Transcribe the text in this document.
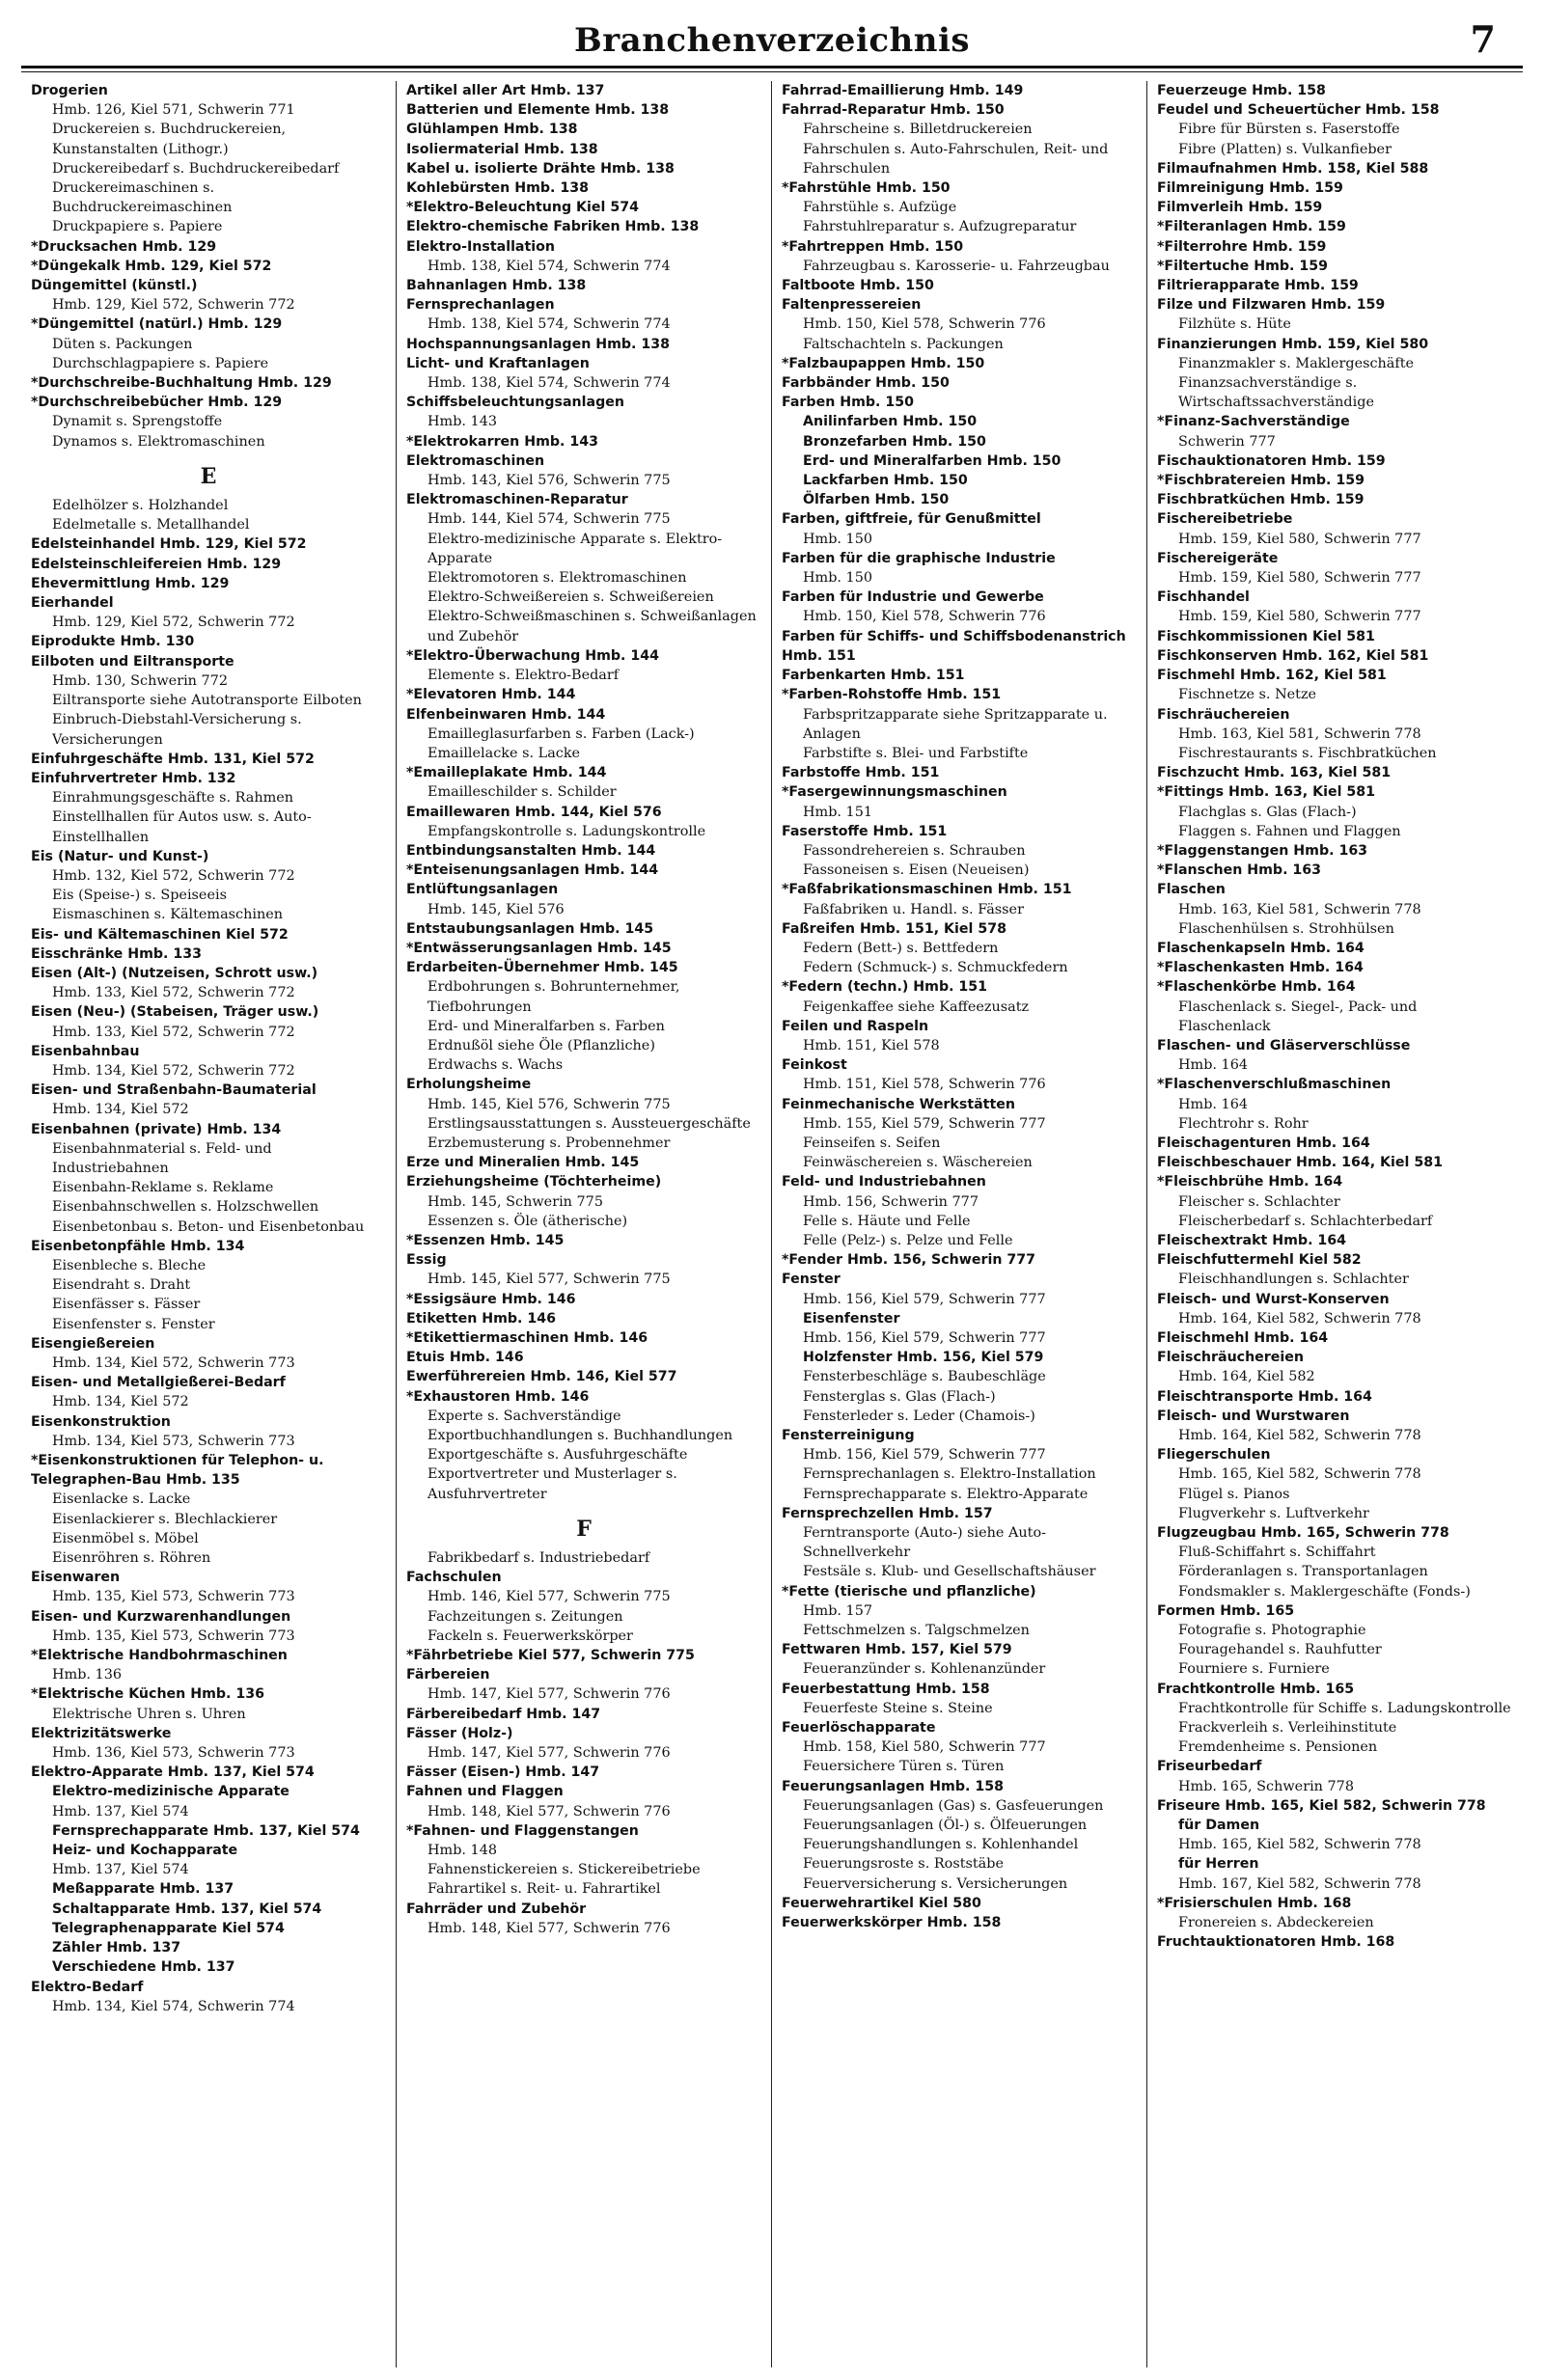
Branchenverzeichnis	7
Drogerien
Hmb. 126, Kiel 571, Schwerin 771
Druckereien s. Buchdruckereien, Kunstanstalten (Lithogr.)
Druckereibedarf s. Buchdruckereibedarf
Druckereimaschinen s. Buchdruckereimaschinen
Druckpapiere s. Papiere
*Drucksachen Hmb. 129
*Düngekalk Hmb. 129, Kiel 572
Düngemittel (künstl.)
Hmb. 129, Kiel 572, Schwerin 772
*Düngemittel (natürl.) Hmb. 129
Düten s. Packungen
Durchschlagpapiere s. Papiere
*Durchschreibe-Buchhaltung Hmb. 129
*Durchschreibebücher Hmb. 129
Dynamit s. Sprengstoffe
Dynamos s. Elektromaschinen
E
Edelhölzer s. Holzhandel
Edelmetalle s. Metallhandel
Edelsteinhandel Hmb. 129, Kiel 572
Edelsteinschleifereien Hmb. 129
Ehevermittlung Hmb. 129
Eierhandel
Hmb. 129, Kiel 572, Schwerin 772
Eiprodukte Hmb. 130
Eilboten und Eiltransporte
Hmb. 130, Schwerin 772
Eiltransporte siehe Autotransporte Eilboten
Einbruch-Diebstahl-Versicherung s. Versicherungen
Einfuhrgeschäfte Hmb. 131, Kiel 572
Einfuhrvertreter Hmb. 132
Einrahmungsgeschäfte s. Rahmen
Einstellhallen für Autos usw. s. Auto-Einstellhallen
Eis (Natur- und Kunst-)
Hmb. 132, Kiel 572, Schwerin 772
Eis (Speise-) s. Speiseeis
Eismaschinen s. Kältemaschinen
Eis- und Kältemaschinen Kiel 572
Eisschränke Hmb. 133
Eisen (Alt-) (Nutzeisen, Schrott usw.)
Hmb. 133, Kiel 572, Schwerin 772
Eisen (Neu-) (Stabeisen, Träger usw.)
Hmb. 133, Kiel 572, Schwerin 772
Eisenbahnbau
Hmb. 134, Kiel 572, Schwerin 772
Eisen- und Straßenbahn-Baumaterial
Hmb. 134, Kiel 572
Eisenbahnen (private) Hmb. 134
Eisenbahnmaterial s. Feld- und Industriebahnen
Eisenbahn-Reklame s. Reklame
Eisenbahnschwellen s. Holzschwellen
Eisenbetonbau s. Beton- und Eisenbetonbau
Eisenbetonpfähle Hmb. 134
Eisenbleche s. Bleche
Eisendraht s. Draht
Eisenfässer s. Fässer
Eisenfenster s. Fenster
Eisengießereien
Hmb. 134, Kiel 572, Schwerin 773
Eisen- und Metallgießerei-Bedarf
Hmb. 134, Kiel 572
Eisenkonstruktion
Hmb. 134, Kiel 573, Schwerin 773
*Eisenkonstruktionen für Telephon- u. Telegraphen-Bau Hmb. 135
Eisenlacke s. Lacke
Eisenlackierer s. Blechlackierer
Eisenmöbel s. Möbel
Eisenröhren s. Röhren
Eisenwaren
Hmb. 135, Kiel 573, Schwerin 773
Eisen- und Kurzwarenhandlungen
Hmb. 135, Kiel 573, Schwerin 773
*Elektrische Handbohrmaschinen
Hmb. 136
*Elektrische Küchen Hmb. 136
Elektrische Uhren s. Uhren
Elektrizitätswerke
Hmb. 136, Kiel 573, Schwerin 773
Elektro-Apparate Hmb. 137, Kiel 574
Elektro-medizinische Apparate
Hmb. 137, Kiel 574
Fernsprechapparate Hmb. 137, Kiel 574
Heiz- und Kochapparate
Hmb. 137, Kiel 574
Meßapparate Hmb. 137
Schaltapparate Hmb. 137, Kiel 574
Telegraphenapparate Kiel 574
Zähler Hmb. 137
Verschiedene Hmb. 137
Elektro-Bedarf
Hmb. 134, Kiel 574, Schwerin 774
Artikel aller Art Hmb. 137
Batterien und Elemente Hmb. 138
Glühlampen Hmb. 138
Isoliermaterial Hmb. 138
Kabel u. isolierte Drähte Hmb. 138
Kohlebürsten Hmb. 138
*Elektro-Beleuchtung Kiel 574
Elektro-chemische Fabriken Hmb. 138
Elektro-Installation
Hmb. 138, Kiel 574, Schwerin 774
Bahnanlagen Hmb. 138
Fernsprechanlagen
Hmb. 138, Kiel 574, Schwerin 774
Hochspannungsanlagen Hmb. 138
Licht- und Kraftanlagen
Hmb. 138, Kiel 574, Schwerin 774
Schiffsbeleuchtungsanlagen
Hmb. 143
*Elektrokarren Hmb. 143
Elektromaschinen
Hmb. 143, Kiel 576, Schwerin 775
Elektromaschinen-Reparatur
Hmb. 144, Kiel 574, Schwerin 775
Elektro-medizinische Apparate s. Elektro-Apparate
Elektromotoren s. Elektromaschinen
Elektro-Schweißereien s. Schweißereien
Elektro-Schweißmaschinen s. Schweißanlagen und Zubehör
*Elektro-Überwachung Hmb. 144
Elemente s. Elektro-Bedarf
*Elevatoren Hmb. 144
Elfenbeinwaren Hmb. 144
Emailleglasurfarben s. Farben (Lack-)
Emaillelacke s. Lacke
*Emailleplakate Hmb. 144
Emailleschilder s. Schilder
Emaillewaren Hmb. 144, Kiel 576
Empfangskontrolle s. Ladungskontrolle
Entbindungsanstalten Hmb. 144
*Enteisenungsanlagen Hmb. 144
Entlüftungsanlagen
Hmb. 145, Kiel 576
Entstaubungsanlagen Hmb. 145
*Entwässerungsanlagen Hmb. 145
Erdarbeiten-Übernehmer Hmb. 145
Erdbohrungen s. Bohrunternehmer, Tiefbohrungen
Erd- und Mineralfarben s. Farben
Erdnußöl siehe Öle (Pflanzliche)
Erdwachs s. Wachs
Erholungsheime
Hmb. 145, Kiel 576, Schwerin 775
Erstlingsausstattungen s. Aussteuergeschäfte
Erzbemusterung s. Probennehmer
Erze und Mineralien Hmb. 145
Erziehungsheime (Töchterheime)
Hmb. 145, Schwerin 775
Essenzen s. Öle (ätherische)
*Essenzen Hmb. 145
Essig
Hmb. 145, Kiel 577, Schwerin 775
*Essigsäure Hmb. 146
Etiketten Hmb. 146
*Etikettiermaschinen Hmb. 146
Etuis Hmb. 146
Ewerführereien Hmb. 146, Kiel 577
*Exhaustoren Hmb. 146
Experte s. Sachverständige
Exportbuchhandlungen s. Buchhandlungen
Exportgeschäfte s. Ausfuhrgeschäfte
Exportvertreter und Musterlager s. Ausfuhrvertreter
F
Fabrikbedarf s. Industriebedarf
Fachschulen
Hmb. 146, Kiel 577, Schwerin 775
Fachzeitungen s. Zeitungen
Fackeln s. Feuerwerkskörper
*Fährbetriebe Kiel 577, Schwerin 775
Färbereien
Hmb. 147, Kiel 577, Schwerin 776
Färbereibedarf Hmb. 147
Fässer (Holz-)
Hmb. 147, Kiel 577, Schwerin 776
Fässer (Eisen-) Hmb. 147
Fahnen und Flaggen
Hmb. 148, Kiel 577, Schwerin 776
*Fahnen- und Flaggenstangen
Hmb. 148
Fahnenstickereien s. Stickereibetriebe
Fahrartikel s. Reit- u. Fahrartikel
Fahrräder und Zubehör
Hmb. 148, Kiel 577, Schwerin 776
Fahrrad-Emaillierung Hmb. 149
Fahrrad-Reparatur Hmb. 150
Fahrscheine s. Billetdruckereien
Fahrschulen s. Auto-Fahrschulen, Reit- und Fahrschulen
*Fahrstühle Hmb. 150
Fahrstühle s. Aufzüge
Fahrstuhlreparatur s. Aufzugreparatur
*Fahrtreppen Hmb. 150
Fahrzeugbau s. Karosserie- u. Fahrzeugbau
Faltboote Hmb. 150
Faltenpressereien
Hmb. 150, Kiel 578, Schwerin 776
Faltschachteln s. Packungen
*Falzbaupappen Hmb. 150
Farbbänder Hmb. 150
Farben Hmb. 150
Anilinfarben Hmb. 150
Bronzefarben Hmb. 150
Erd- und Mineralfarben Hmb. 150
Lackfarben Hmb. 150
Ölfarben Hmb. 150
Farben, giftfreie, für Genußmittel
Hmb. 150
Farben für die graphische Industrie
Hmb. 150
Farben für Industrie und Gewerbe
Hmb. 150, Kiel 578, Schwerin 776
Farben für Schiffs- und Schiffsbodenanstrich Hmb. 151
Farbenkarten Hmb. 151
*Farben-Rohstoffe Hmb. 151
Farbspritzapparate siehe Spritzapparate u. Anlagen
Farbstifte s. Blei- und Farbstifte
Farbstoffe Hmb. 151
*Fasergewinnungsmaschinen
Hmb. 151
Faserstoffe Hmb. 151
Fassondrehereien s. Schrauben
Fassoneisen s. Eisen (Neueisen)
*Faßfabrikationsmaschinen Hmb. 151
Faßfabriken u. Handl. s. Fässer
Faßreifen Hmb. 151, Kiel 578
Federn (Bett-) s. Bettfedern
Federn (Schmuck-) s. Schmuckfedern
*Federn (techn.) Hmb. 151
Feigenkaffee siehe Kaffeezusatz
Feilen und Raspeln
Hmb. 151, Kiel 578
Feinkost
Hmb. 151, Kiel 578, Schwerin 776
Feinmechanische Werkstätten
Hmb. 155, Kiel 579, Schwerin 777
Feinseifen s. Seifen
Feinwäschereien s. Wäschereien
Feld- und Industriebahnen
Hmb. 156, Schwerin 777
Felle s. Häute und Felle
Felle (Pelz-) s. Pelze und Felle
*Fender Hmb. 156, Schwerin 777
Fenster
Hmb. 156, Kiel 579, Schwerin 777
Eisenfenster
Hmb. 156, Kiel 579, Schwerin 777
Holzfenster Hmb. 156, Kiel 579
Fensterbeschläge s. Baubeschläge
Fensterglas s. Glas (Flach-)
Fensterleder s. Leder (Chamois-)
Fensterreinigung
Hmb. 156, Kiel 579, Schwerin 777
Fernsprechanlagen s. Elektro-Installation
Fernsprechapparate s. Elektro-Apparate
Fernsprechzellen Hmb. 157
Ferntransporte (Auto-) siehe Auto-Schnellverkehr
Festsäle s. Klub- und Gesellschaftshäuser
*Fette (tierische und pflanzliche)
Hmb. 157
Fettschmelzen s. Talgschmelzen
Fettwaren Hmb. 157, Kiel 579
Feueranzünder s. Kohlenanzünder
Feuerbestattung Hmb. 158
Feuerfeste Steine s. Steine
Feuerlöschapparate
Hmb. 158, Kiel 580, Schwerin 777
Feuersichere Türen s. Türen
Feuerungsanlagen Hmb. 158
Feuerungsanlagen (Gas) s. Gasfeuerungen
Feuerungsanlagen (Öl-) s. Ölfeuerungen
Feuerungshandlungen s. Kohlenhandel
Feuerungsroste s. Roststäbe
Feuerversicherung s. Versicherungen
Feuerwehrartikel Kiel 580
Feuerwerkskörper Hmb. 158
Feuerzeuge Hmb. 158
Feudel und Scheuertücher Hmb. 158
Fibre für Bürsten s. Faserstoffe
Fibre (Platten) s. Vulkanfieber
Filmaufnahmen Hmb. 158, Kiel 588
Filmreinigung Hmb. 159
Filmverleih Hmb. 159
*Filteranlagen Hmb. 159
*Filterrohre Hmb. 159
*Filtertuche Hmb. 159
Filtrierapparate Hmb. 159
Filze und Filzwaren Hmb. 159
Filzhüte s. Hüte
Finanzierungen Hmb. 159, Kiel 580
Finanzmakler s. Maklergeschäfte
Finanzsachverständige s. Wirtschaftssachverständige
*Finanz-Sachverständige
Schwerin 777
Fischauktionatoren Hmb. 159
*Fischbratereien Hmb. 159
Fischbratküchen Hmb. 159
Fischereibetriebe
Hmb. 159, Kiel 580, Schwerin 777
Fischereigeräte
Hmb. 159, Kiel 580, Schwerin 777
Fischhandel
Hmb. 159, Kiel 580, Schwerin 777
Fischkommissionen Kiel 581
Fischkonserven Hmb. 162, Kiel 581
Fischmehl Hmb. 162, Kiel 581
Fischnetze s. Netze
Fischräuchereien
Hmb. 163, Kiel 581, Schwerin 778
Fischrestaurants s. Fischbratküchen
Fischzucht Hmb. 163, Kiel 581
*Fittings Hmb. 163, Kiel 581
Flachglas s. Glas (Flach-)
Flaggen s. Fahnen und Flaggen
*Flaggenstangen Hmb. 163
*Flanschen Hmb. 163
Flaschen
Hmb. 163, Kiel 581, Schwerin 778
Flaschenhülsen s. Strohhülsen
Flaschenkapseln Hmb. 164
*Flaschenkasten Hmb. 164
*Flaschenkörbe Hmb. 164
Flaschenlack s. Siegel-, Pack- und Flaschenlack
Flaschen- und Gläserverschlüsse
Hmb. 164
*Flaschenverschlußmaschinen
Hmb. 164
Flechtrohr s. Rohr
Fleischagenturen Hmb. 164
Fleischbeschauer Hmb. 164, Kiel 581
*Fleischbrühe Hmb. 164
Fleischer s. Schlachter
Fleischerbedarf s. Schlachterbedarf
Fleischextrakt Hmb. 164
Fleischfuttermehl Kiel 582
Fleischhandlungen s. Schlachter
Fleisch- und Wurst-Konserven
Hmb. 164, Kiel 582, Schwerin 778
Fleischmehl Hmb. 164
Fleischräuchereien
Hmb. 164, Kiel 582
Fleischtransporte Hmb. 164
Fleisch- und Wurstwaren
Hmb. 164, Kiel 582, Schwerin 778
Fliegerschulen
Hmb. 165, Kiel 582, Schwerin 778
Flügel s. Pianos
Flugverkehr s. Luftverkehr
Flugzeugbau Hmb. 165, Schwerin 778
Fluß-Schiffahrt s. Schiffahrt
Förderanlagen s. Transportanlagen
Fondsmakler s. Maklergeschäfte (Fonds-)
Formen Hmb. 165
Fotografie s. Photographie
Fouragehandel s. Rauhfutter
Fourniere s. Furniere
Frachtkontrolle Hmb. 165
Frachtkontrolle für Schiffe s. Ladungskontrolle
Frackverleih s. Verleihinstitute
Fremdenheime s. Pensionen
Friseurbedarf
Hmb. 165, Schwerin 778
Friseure Hmb. 165, Kiel 582, Schwerin 778
für Damen
Hmb. 165, Kiel 582, Schwerin 778
für Herren
Hmb. 167, Kiel 582, Schwerin 778
*Frisierschulen Hmb. 168
Fronereien s. Abdeckereien
Fruchtauktionatoren Hmb. 168
